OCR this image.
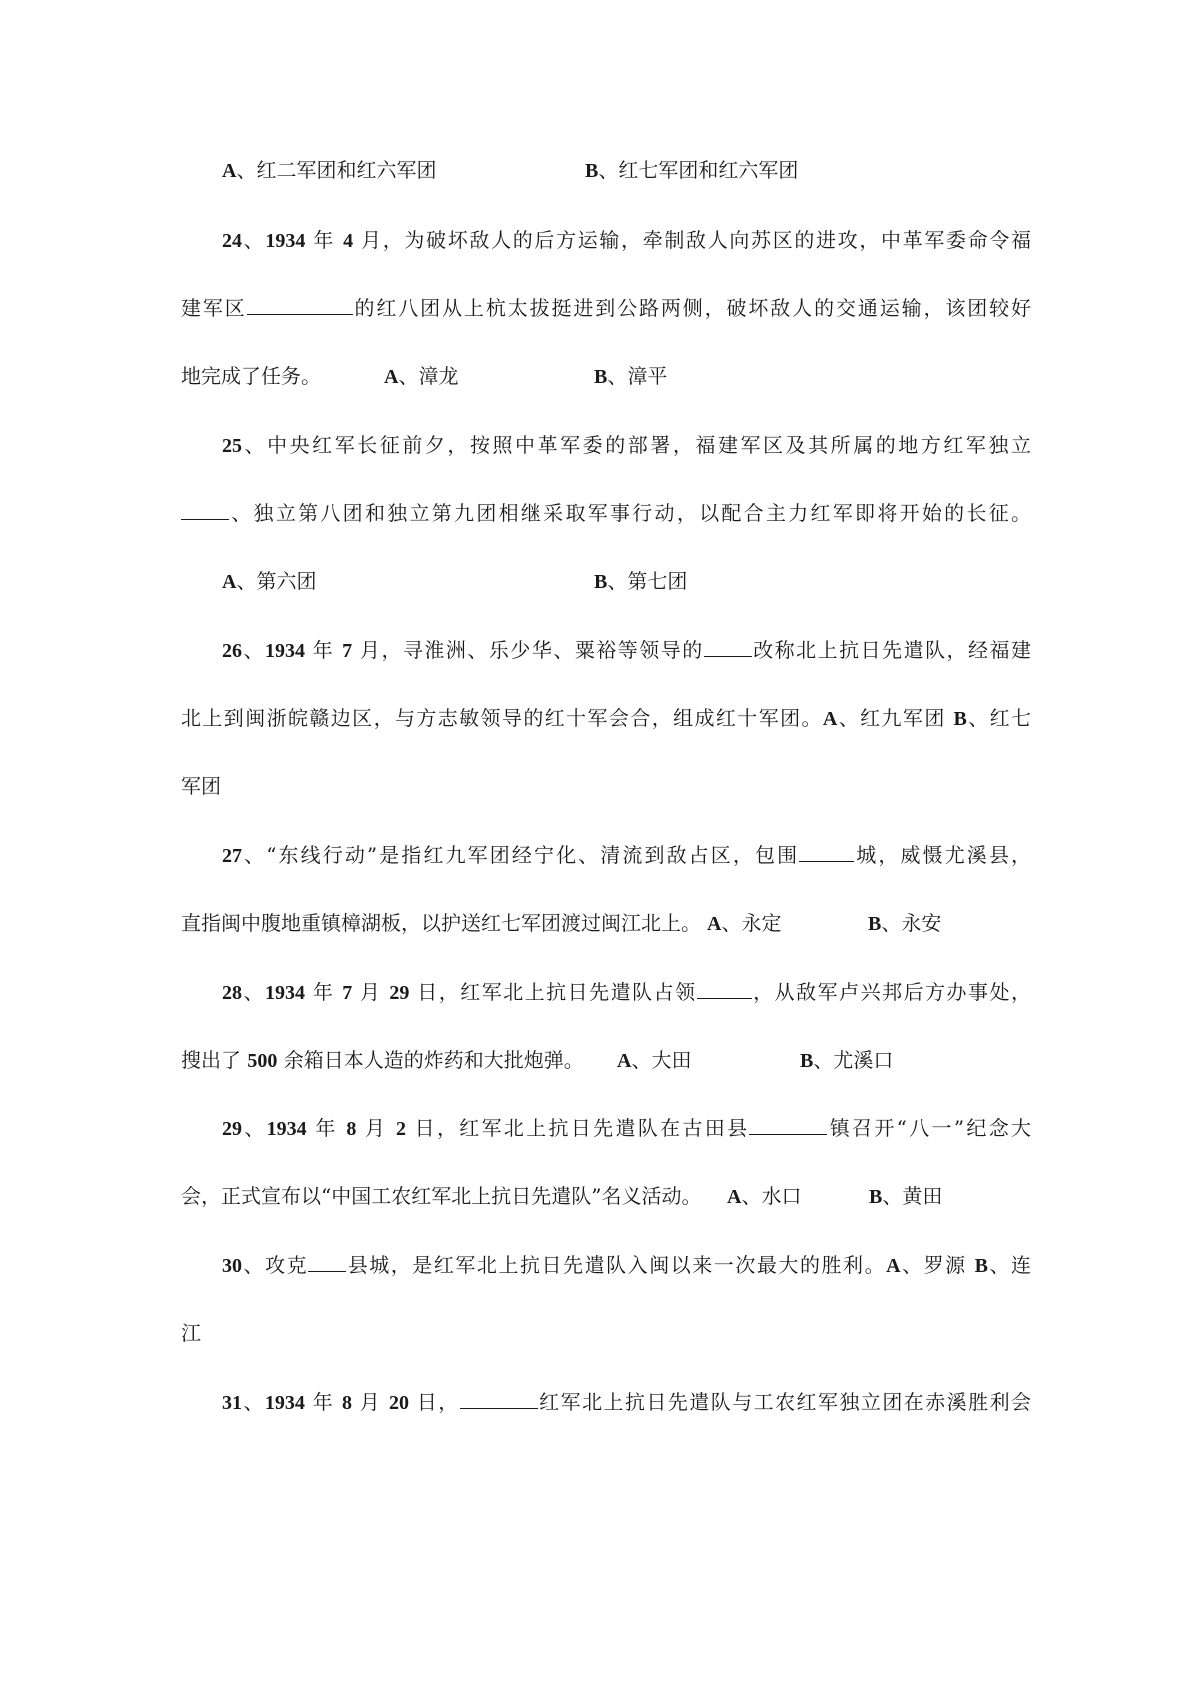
A、红二军团和红六军团	B、红七军团和红六军团
24、1934 年 4 月，为破坏敌人的后方运输，牵制敌人向苏区的进攻，中革军委命令福
建军区	的红八团从上杭太拔挺进到公路两侧，破坏敌人的交通运输，该团较好
地完成了任务。	A、漳龙	B、漳平
25、中央红军长征前夕，按照中革军委的部署，福建军区及其所属的地方红军独立
、独立第八团和独立第九团相继采取军事行动，以配合主力红军即将开始的长征。
A、第六团	B、第七团
26、1934 年 7 月，寻淮洲、乐少华、粟裕等领导的 改称北上抗日先遣队，经福建
北上到闽浙皖赣边区，与方志敏领导的红十军会合，组成红十军团。A、红九军团 B、红七
军团
27、“东线行动”是指红九军团经宁化、清流到敌占区，包围	城，威慑尤溪县，
直指闽中腹地重镇樟湖板，以护送红七军团渡过闽江北上。 A、永定	B、永安
28、1934 年 7 月 29 日，红军北上抗日先遣队占领	，从敌军卢兴邦后方办事处，
搜出了 500 余箱日本人造的炸药和大批炮弹。 A、大田	B、尤溪口
29、1934 年 8 月 2 日，红军北上抗日先遣队在古田县	镇召开“八一”纪念大
会，正式宣布以“中国工农红军北上抗日先遣队”名义活动。 A、水口	B、黄田
30、攻克 县城，是红军北上抗日先遣队入闽以来一次最大的胜利。A、罗源 B、连
江
31、1934 年 8 月 20 日，	红军北上抗日先遣队与工农红军独立团在赤溪胜利会
